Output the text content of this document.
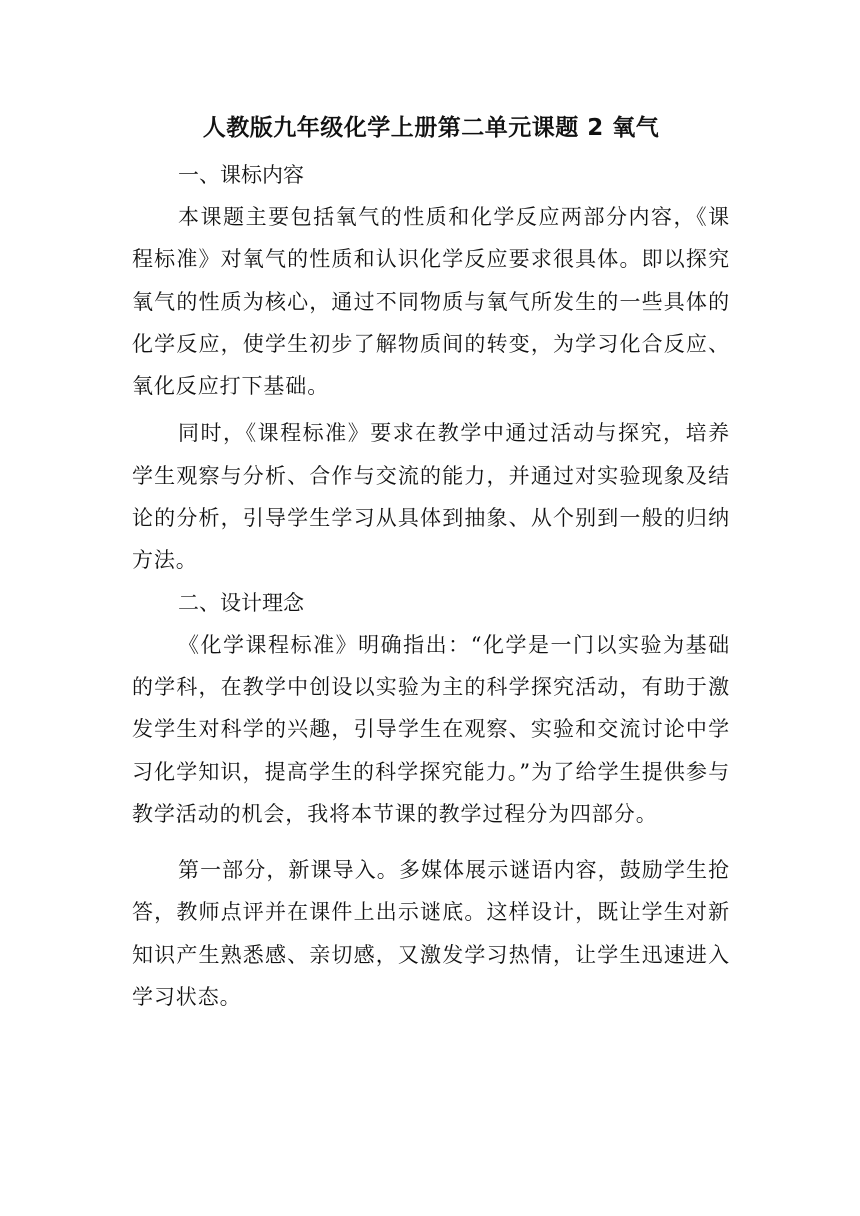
人教版九年级化学上册第二单元课题 2 氧气
一、课标内容

本课题主要包括氧气的性质和化学反应两部分内容，《课程标准》对氧气的性质和认识化学反应要求很具体。即以探究氧气的性质为核心，通过不同物质与氧气所发生的一些具体的化学反应，使学生初步了解物质间的转变，为学习化合反应、氧化反应打下基础。

同时，《课程标准》要求在教学中通过活动与探究，培养学生观察与分析、合作与交流的能力，并通过对实验现象及结论的分析，引导学生学习从具体到抽象、从个别到一般的归纳方法。

二、设计理念

《化学课程标准》明确指出：“化学是一门以实验为基础的学科，在教学中创设以实验为主的科学探究活动，有助于激发学生对科学的兴趣，引导学生在观察、实验和交流讨论中学习化学知识，提高学生的科学探究能力。”为了给学生提供参与教学活动的机会，我将本节课的教学过程分为四部分。

第一部分，新课导入。多媒体展示谜语内容，鼓励学生抢答，教师点评并在课件上出示谜底。这样设计，既让学生对新知识产生熟悉感、亲切感，又激发学习热情，让学生迅速进入学习状态。
